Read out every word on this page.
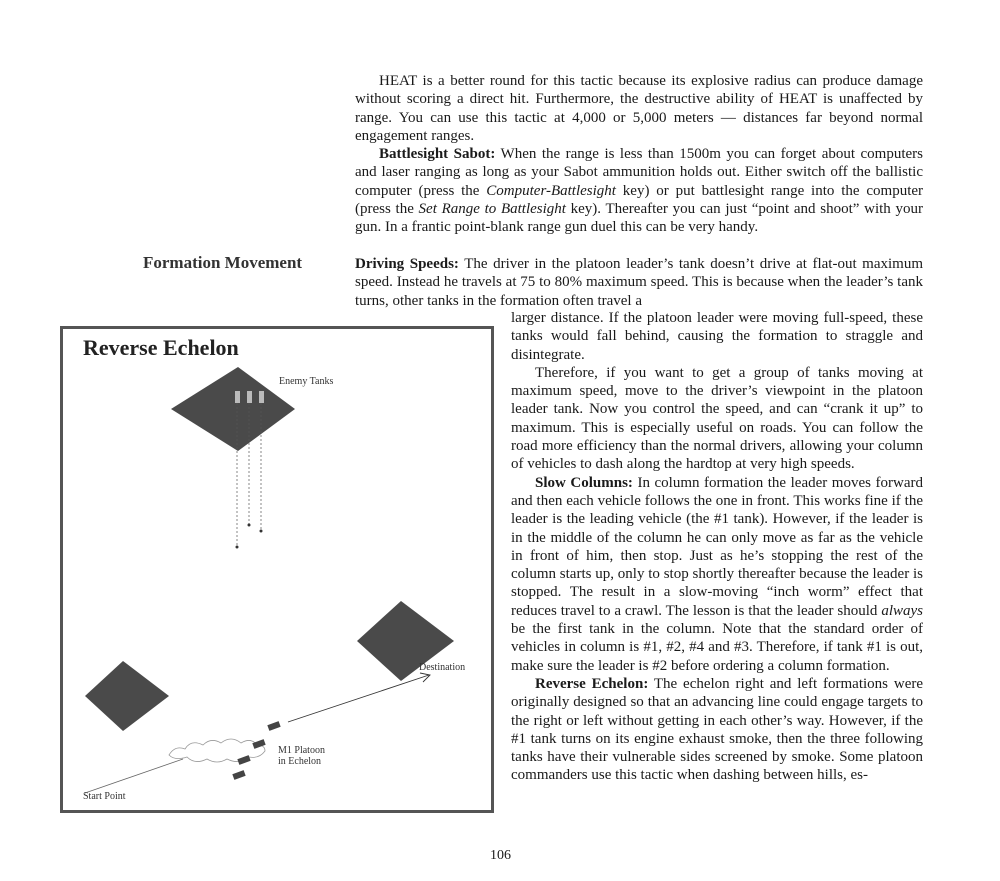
HEAT is a better round for this tactic because its explosive radius can produce damage without scoring a direct hit. Furthermore, the destructive ability of HEAT is unaffected by range. You can use this tactic at 4,000 or 5,000 meters — distances far beyond normal engagement ranges.

Battlesight Sabot: When the range is less than 1500m you can forget about computers and laser ranging as long as your Sabot ammunition holds out. Either switch off the ballistic computer (press the Computer-Battlesight key) or put battlesight range into the computer (press the Set Range to Battlesight key). Thereafter you can just “point and shoot” with your gun. In a frantic point-blank range gun duel this can be very handy.

Formation Movement	Driving Speeds: The driver in the platoon leader’s tank doesn’t drive at flat-out maximum speed. Instead he travels at 75 to 80% maximum speed. This is because when the leader’s tank turns, other tanks in the formation often travel a

larger distance. If the platoon leader were moving full-speed, these tanks would fall behind, causing the formation to straggle and disintegrate.

Therefore, if you want to get a group of tanks moving at maximum speed, move to the driver’s viewpoint in the platoon leader tank. Now you control the speed, and can “crank it up” to maximum. This is especially useful on roads. You can follow the road more efficiency than the normal drivers, allowing your column of vehicles to dash along the hardtop at very high speeds.

Slow Columns: In column formation the leader moves forward and then each vehicle follows the one in front. This works fine if the leader is the leading vehicle (the #1 tank). However, if the leader is in the middle of the column he can only move as far as the vehicle in front of him, then stop. Just as he’s stopping the rest of the column starts up, only to stop shortly thereafter because the leader is stopped. The result in a slow-moving “inch worm” effect that reduces travel to a crawl. The lesson is that the leader should always be the first tank in the column. Note that the standard order of vehicles in column is #1, #2, #4 and #3. Therefore, if tank #1 is out, make sure the leader is #2 before ordering a column formation.

Reverse Echelon: The echelon right and left formations were originally designed so that an advancing line could engage targets to the right or left without getting in each other’s way. However, if the #1 tank turns on its engine exhaust smoke, then the three following tanks have their vulnerable sides screened by smoke. Some platoon commanders use this tactic when dashing between hills, es-

Reverse Echelon
Enemy Tanks
Destination
M1 Platoon
in Echelon
Start Point
106
